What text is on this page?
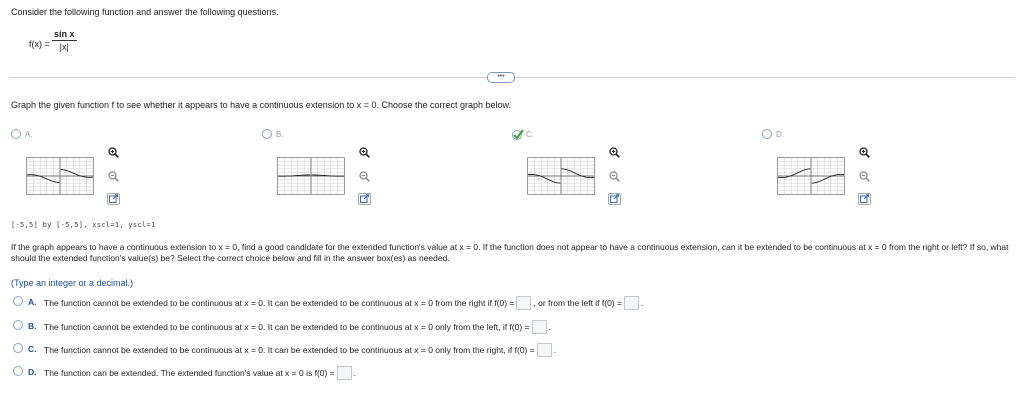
Consider the following function and answer the following questions.
$f(x) = \frac{\text{sin x}}{|x|}$
•••
Graph the given function f to see whether it appears to have a continuous extension to x = 0. Choose the correct graph below.
A.	B.	C.	D.
[-5,5] by [-5,5], xscl=1, yscl=1
If the graph appears to have a continuous extension to x = 0, find a good candidate for the extended function's value at x = 0. If the function does not appear to have a continuous extension, can it be extended to be continuous at x = 0 from the right or left? If so, what should the extended function's value(s) be? Select the correct choice below and fill in the answer box(es) as needed.
(Type an integer or a decimal.)
A. The function cannot be extended to be continuous at x = 0. It can be extended to be continuous at x = 0 from the right if f(0) = , or from the left if f(0) = .
B. The function cannot be extended to be continuous at x = 0. It can be extended to be continuous at x = 0 only from the left, if f(0) = .
C. The function cannot be extended to be continuous at x = 0. It can be extended to be continuous at x = 0 only from the right, if f(0) = .
D. The function can be extended. The extended function's value at x = 0 is f(0) = .
